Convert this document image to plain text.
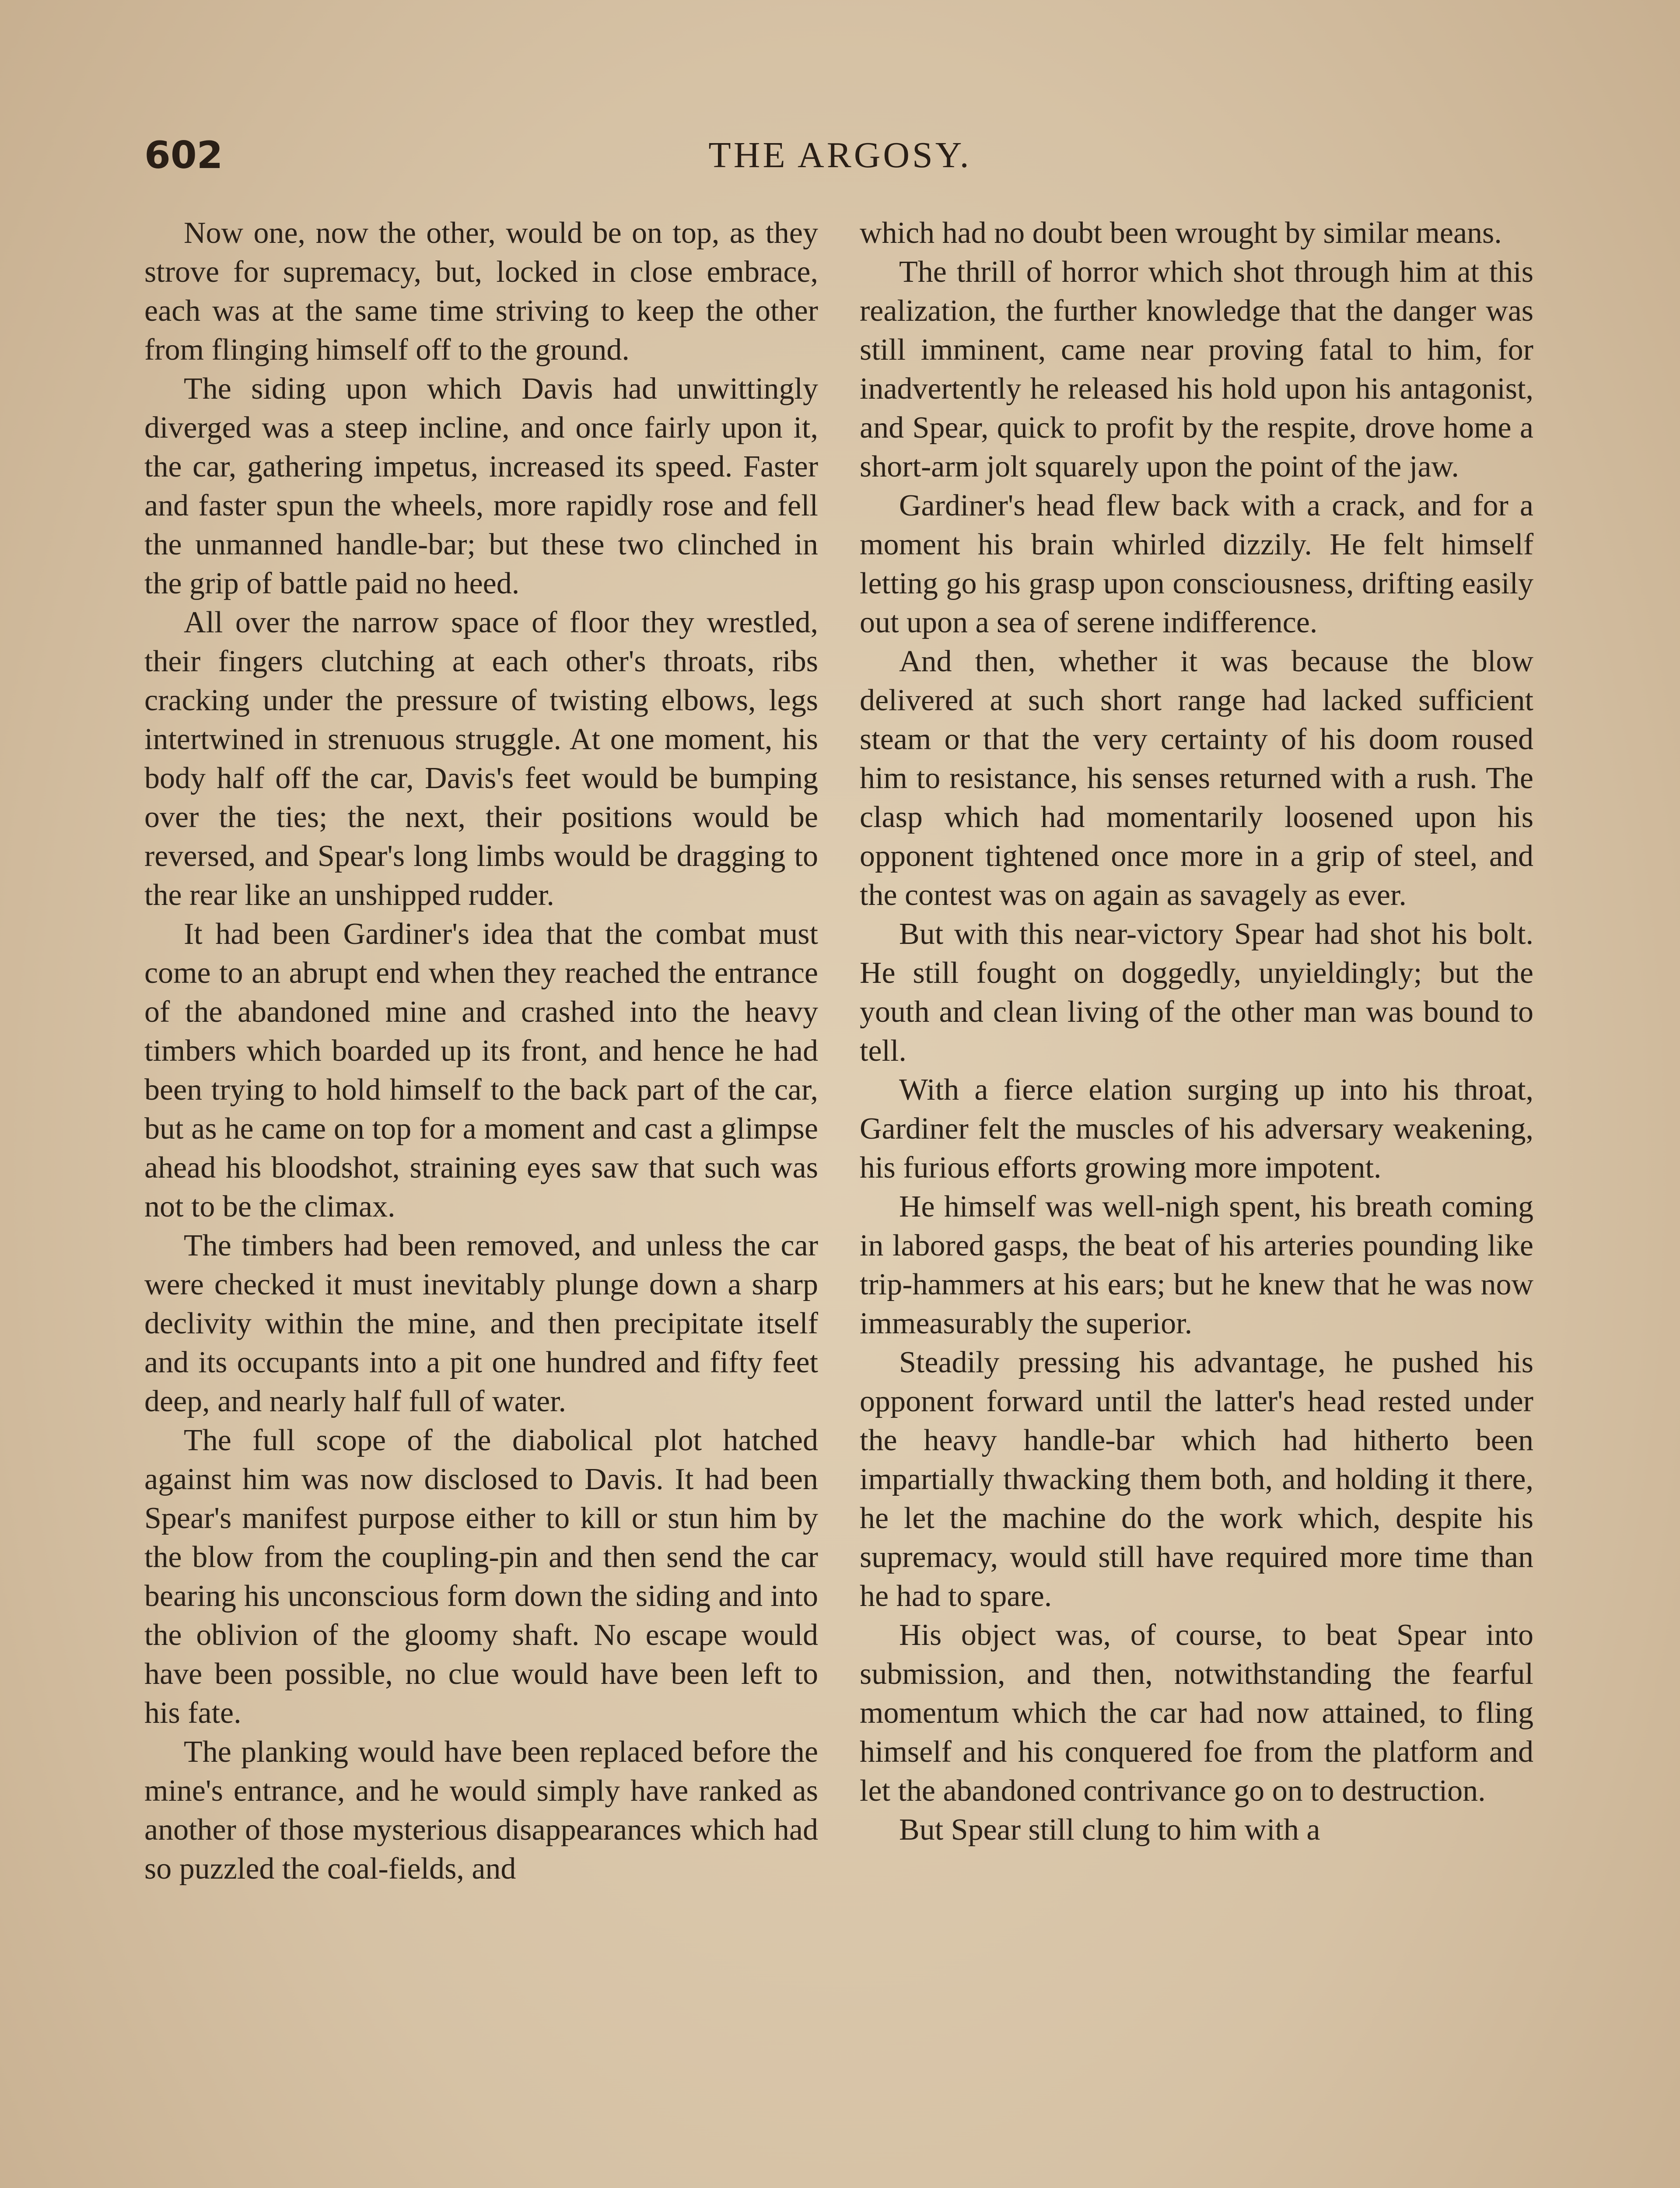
602	THE ARGOSY.

Now one, now the other, would be on top, as they strove for supremacy, but, locked in close embrace, each was at the same time striving to keep the other from flinging himself off to the ground.

The siding upon which Davis had unwittingly diverged was a steep incline, and once fairly upon it, the car, gathering impetus, increased its speed. Faster and faster spun the wheels, more rapidly rose and fell the unmanned handle-bar; but these two clinched in the grip of battle paid no heed.

All over the narrow space of floor they wrestled, their fingers clutching at each other's throats, ribs cracking under the pressure of twisting elbows, legs intertwined in strenuous struggle. At one moment, his body half off the car, Davis's feet would be bumping over the ties; the next, their positions would be reversed, and Spear's long limbs would be dragging to the rear like an unshipped rudder.

It had been Gardiner's idea that the combat must come to an abrupt end when they reached the entrance of the abandoned mine and crashed into the heavy timbers which boarded up its front, and hence he had been trying to hold himself to the back part of the car, but as he came on top for a moment and cast a glimpse ahead his bloodshot, straining eyes saw that such was not to be the climax.

The timbers had been removed, and unless the car were checked it must inevitably plunge down a sharp declivity within the mine, and then precipitate itself and its occupants into a pit one hundred and fifty feet deep, and nearly half full of water.

The full scope of the diabolical plot hatched against him was now disclosed to Davis. It had been Spear's manifest purpose either to kill or stun him by the blow from the coupling-pin and then send the car bearing his unconscious form down the siding and into the oblivion of the gloomy shaft. No escape would have been possible, no clue would have been left to his fate.

The planking would have been replaced before the mine's entrance, and he would simply have ranked as another of those mysterious disappearances which had so puzzled the coal-fields, and

which had no doubt been wrought by similar means.

The thrill of horror which shot through him at this realization, the further knowledge that the danger was still imminent, came near proving fatal to him, for inadvertently he released his hold upon his antagonist, and Spear, quick to profit by the respite, drove home a short-arm jolt squarely upon the point of the jaw.

Gardiner's head flew back with a crack, and for a moment his brain whirled dizzily. He felt himself letting go his grasp upon consciousness, drifting easily out upon a sea of serene indifference.

And then, whether it was because the blow delivered at such short range had lacked sufficient steam or that the very certainty of his doom roused him to resistance, his senses returned with a rush. The clasp which had momentarily loosened upon his opponent tightened once more in a grip of steel, and the contest was on again as savagely as ever.

But with this near-victory Spear had shot his bolt. He still fought on doggedly, unyieldingly; but the youth and clean living of the other man was bound to tell.

With a fierce elation surging up into his throat, Gardiner felt the muscles of his adversary weakening, his furious efforts growing more impotent.

He himself was well-nigh spent, his breath coming in labored gasps, the beat of his arteries pounding like trip-hammers at his ears; but he knew that he was now immeasurably the superior.

Steadily pressing his advantage, he pushed his opponent forward until the latter's head rested under the heavy handle-bar which had hitherto been impartially thwacking them both, and holding it there, he let the machine do the work which, despite his supremacy, would still have required more time than he had to spare.

His object was, of course, to beat Spear into submission, and then, notwithstanding the fearful momentum which the car had now attained, to fling himself and his conquered foe from the platform and let the abandoned contrivance go on to destruction.

But Spear still clung to him with a
